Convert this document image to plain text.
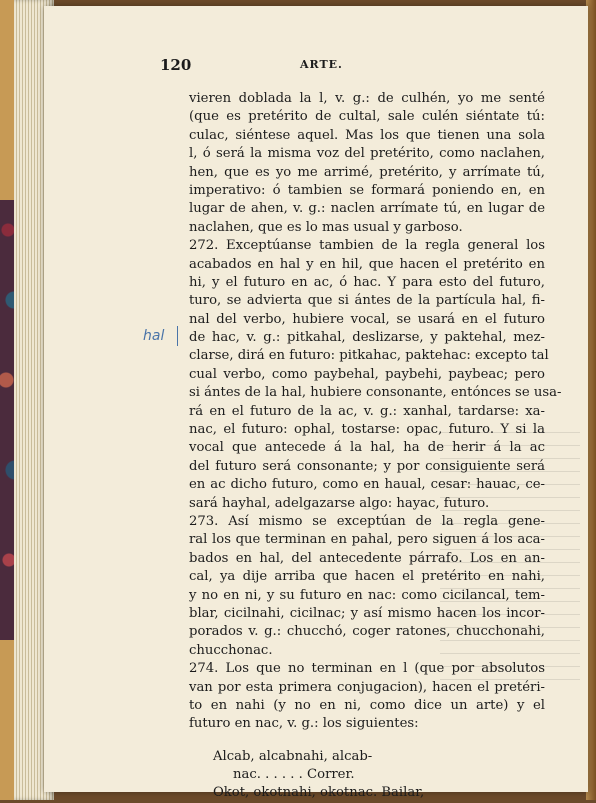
120	ARTE.
hal
vieren doblada la l, v. g.: de culhén, yo me senté
(que es pretérito de cultal, sale culén siéntate tú:
culac, siéntese aquel. Mas los que tienen una sola
l, ó será la misma voz del pretérito, como naclahen,
hen, que es yo me arrimé, pretérito, y arrímate tú,
imperativo: ó tambien se formará poniendo en, en
lugar de ahen, v. g.: naclen arrímate tú, en lugar de
naclahen, que es lo mas usual y garboso.
272. Exceptúanse tambien de la regla general los
acabados en hal y en hil, que hacen el pretérito en
hi, y el futuro en ac, ó hac. Y para esto del futuro,
turo, se advierta que si ántes de la partícula hal, fi-
nal del verbo, hubiere vocal, se usará en el futuro
de hac, v. g.: pitkahal, deslizarse, y paktehal, mez-
clarse, dirá en futuro: pitkahac, paktehac: excepto tal
cual verbo, como paybehal, paybehi, paybeac; pero
si ántes de la hal, hubiere consonante, entónces se usa-
rá en el futuro de la ac, v. g.: xanhal, tardarse: xa-
nac, el futuro: ophal, tostarse: opac, futuro. Y si la
vocal que antecede á la hal, ha de herir á la ac
del futuro será consonante; y por consiguiente será
en ac dicho futuro, como en haual, cesar: hauac, ce-
sará hayhal, adelgazarse algo: hayac, futuro.
273. Así mismo se exceptúan de la regla gene-
ral los que terminan en pahal, pero siguen á los aca-
bados en hal, del antecedente párrafo. Los en an-
cal, ya dije arriba que hacen el pretérito en nahi,
y no en ni, y su futuro en nac: como cicilancal, tem-
blar, cicilnahi, cicilnac; y así mismo hacen los incor-
porados v. g.: chucchó, coger ratones, chucchonahi,
chucchonac.
274. Los que no terminan en l (que por absolutos
van por esta primera conjugacion), hacen el pretéri-
to en nahi (y no en ni, como dice un arte) y el
futuro en nac, v. g.: los siguientes:
Alcab, alcabnahi, alcab-
nac. . . . . . Correr.
Okot, okotnahi, okotnac. Bailar,
